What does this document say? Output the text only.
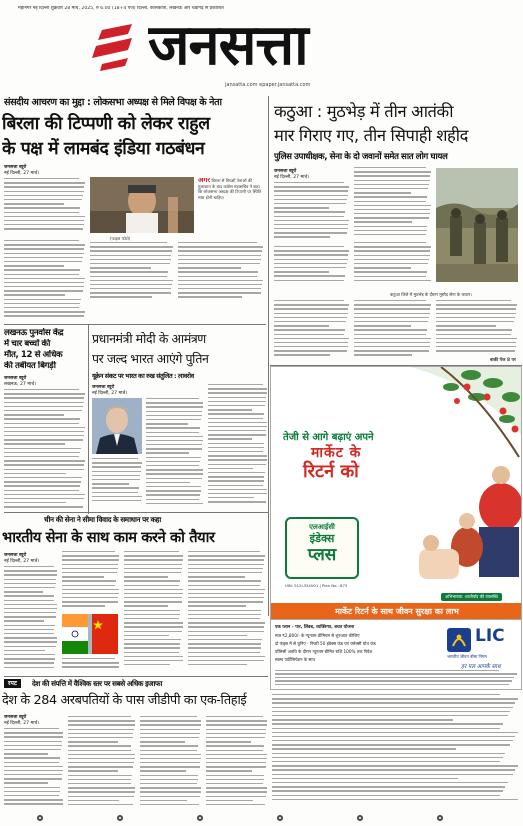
महानगर नई दिल्ली शुक्रवार 28 मार्च, 2025, रु 6.00 (18+4 पेज) दिल्ली, कोलकाता, लखनऊ और चंडीगढ़ से प्रकाशित
जनसत्ता
jansatta.com epaper.jansatta.com
संसदीय आचरण का मुद्दा : लोकसभा अध्यक्ष से मिले विपक्ष के नेता
बिरला की टिप्पणी को लेकर राहुल
के पक्ष में लामबंद इंडिया गठबंधन
जनसत्ता ब्यूरो
नई दिल्ली, 27 मार्च।
(फाइल फोटो)
अगर बिरला से विपक्षी नेताओं की मुलाकात के बाद कांग्रेस महासचिव ने कहा कि लोकसभा अध्यक्ष की टिप्पणी पर स्थिति स्पष्ट होनी चाहिए।
कठुआ : मुठभेड़ में तीन आतंकी
मार गिराए गए, तीन सिपाही शहीद
पुलिस उपाधीक्षक, सेना के दो जवानों समेत सात लोग घायल
जनसत्ता ब्यूरो
नई दिल्ली, 27 मार्च।
कठुआ जिले में मुठभेड़ के दौरान मुस्तैद सेना के जवान।
बाकी पेज 8 पर
लखनऊ पुनर्वास केंद्र
में चार बच्चों की
मौत, 12 से अधिक
की तबीयत बिगड़ी
जनसत्ता ब्यूरो
लखनऊ, 27 मार्च।
प्रधानमंत्री मोदी के आमंत्रण
पर जल्द भारत आएंगे पुतिन
यूक्रेन संकट पर भारत का रुख संतुलित : लावरोव
जनसत्ता ब्यूरो
नई दिल्ली, 27 मार्च।
तेजी से आगे बढ़ाएं अपने
मार्केट के
रिटर्न को
एलआईसी
इंडेक्स
प्लस
UIN: 512L334V01 | Plan No.: 873
अभिभावक: आशीर्वाद की उपलब्धि
मार्केट रिटर्न के साथ जीवन सुरक्षा का लाभ
एक प्लान - पार, लिंक्ड, व्यक्तिगत, बचत योजना
मात्र ₹2,800/- के न्यूनतम प्रीमियम से शुरुआत कीजिए
दो फंड्स में से चुनिए - निफ्टी 50 इंडेक्स फंड एवं फ्लेक्सी ग्रोथ फंड
पॉलिसी अवधि के दौरान न्यूनतम बीमित राशि 100% तक निवेश
स्वस्थ पार्टिसिपेशन के साथ
LIC
भारतीय जीवन बीमा निगम
हर पल आपके साथ
चीन की सेना ने सीमा विवाद के समाधान पर कहा
भारतीय सेना के साथ काम करने को तैयार
जनसत्ता ब्यूरो
नई दिल्ली, 27 मार्च।
रपट	देश की संपत्ति में वैश्विक स्तर पर सबसे अधिक इजाफा
देश के 284 अरबपतियों के पास जीडीपी का एक-तिहाई
जनसत्ता ब्यूरो
नई दिल्ली, 27 मार्च।
